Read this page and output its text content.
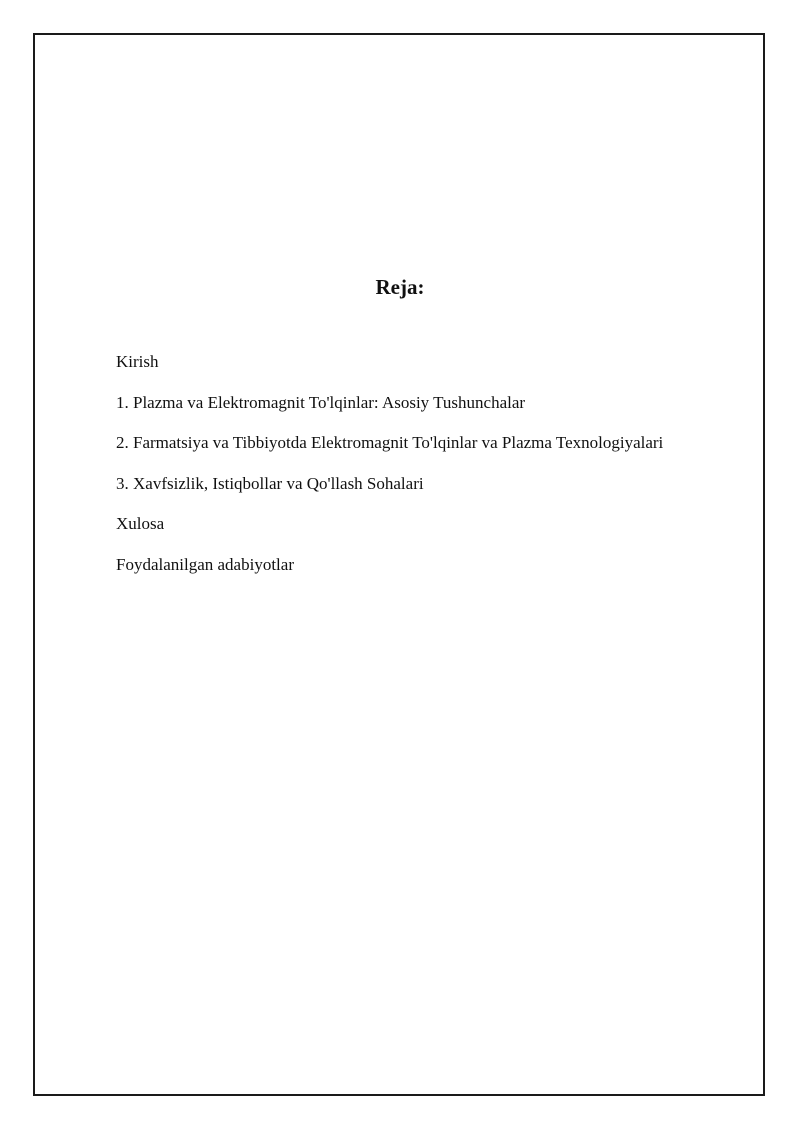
Reja:
Kirish
1. Plazma va Elektromagnit To'lqinlar: Asosiy Tushunchalar
2. Farmatsiya va Tibbiyotda Elektromagnit To'lqinlar va Plazma Texnologiyalari
3. Xavfsizlik, Istiqbollar va Qo'llash Sohalari
Xulosa
Foydalanilgan adabiyotlar
